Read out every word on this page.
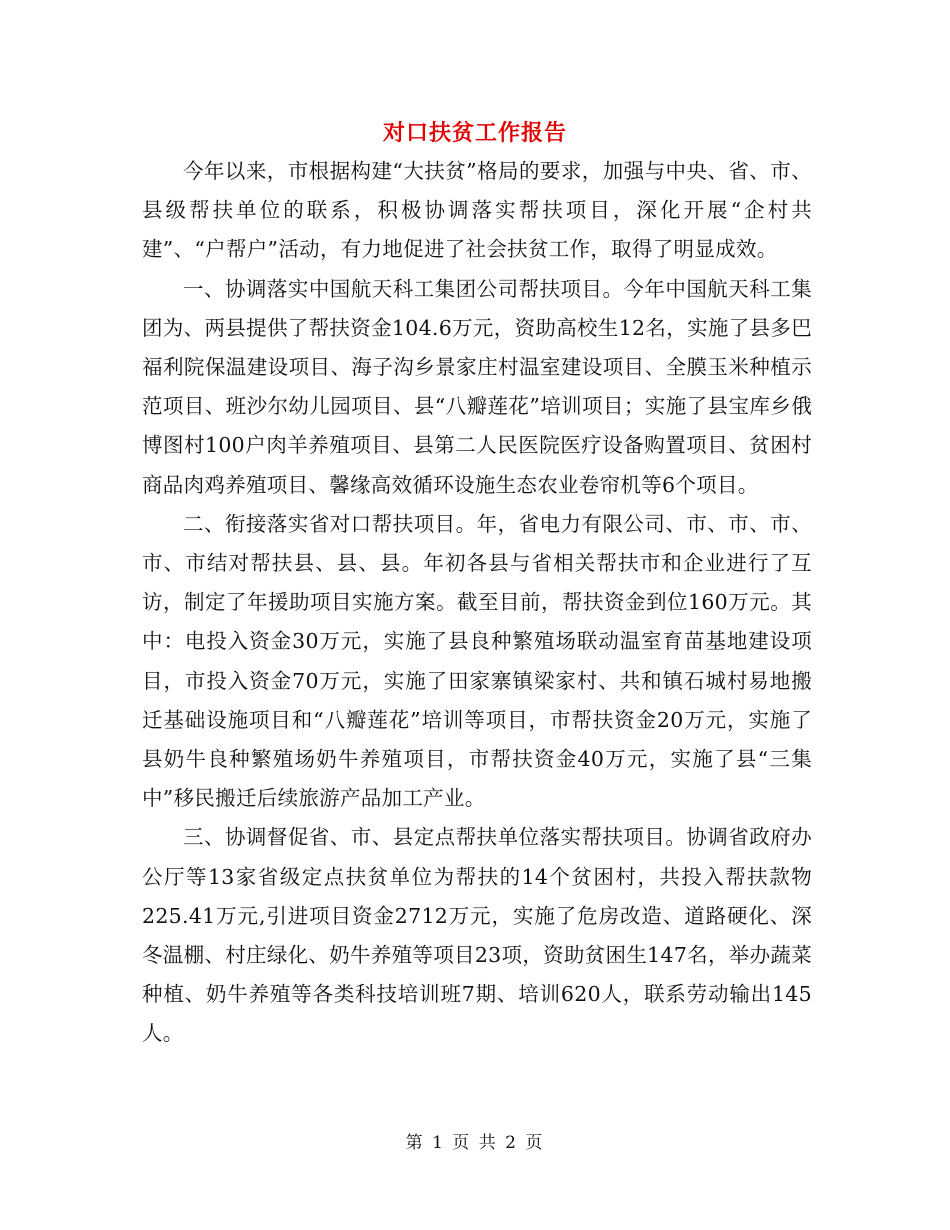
对口扶贫工作报告

今年以来，市根据构建“大扶贫”格局的要求，加强与中央、省、市、县级帮扶单位的联系，积极协调落实帮扶项目，深化开展“企村共建”、“户帮户”活动，有力地促进了社会扶贫工作，取得了明显成效。

一、协调落实中国航天科工集团公司帮扶项目。今年中国航天科工集团为、两县提供了帮扶资金104.6万元，资助高校生12名，实施了县多巴福利院保温建设项目、海子沟乡景家庄村温室建设项目、全膜玉米种植示范项目、班沙尔幼儿园项目、县“八瓣莲花”培训项目；实施了县宝库乡俄博图村100户肉羊养殖项目、县第二人民医院医疗设备购置项目、贫困村商品肉鸡养殖项目、馨缘高效循环设施生态农业卷帘机等6个项目。

二、衔接落实省对口帮扶项目。年，省电力有限公司、市、市、市、市、市结对帮扶县、县、县。年初各县与省相关帮扶市和企业进行了互访，制定了年援助项目实施方案。截至目前，帮扶资金到位160万元。其中：电投入资金30万元，实施了县良种繁殖场联动温室育苗基地建设项目，市投入资金70万元，实施了田家寨镇梁家村、共和镇石城村易地搬迁基础设施项目和“八瓣莲花”培训等项目，市帮扶资金20万元，实施了县奶牛良种繁殖场奶牛养殖项目，市帮扶资金40万元，实施了县“三集中”移民搬迁后续旅游产品加工产业。

三、协调督促省、市、县定点帮扶单位落实帮扶项目。协调省政府办公厅等13家省级定点扶贫单位为帮扶的14个贫困村，共投入帮扶款物225.41万元,引进项目资金2712万元，实施了危房改造、道路硬化、深冬温棚、村庄绿化、奶牛养殖等项目23项，资助贫困生147名，举办蔬菜种植、奶牛养殖等各类科技培训班7期、培训620人，联系劳动输出145人。

第 1 页 共 2 页
